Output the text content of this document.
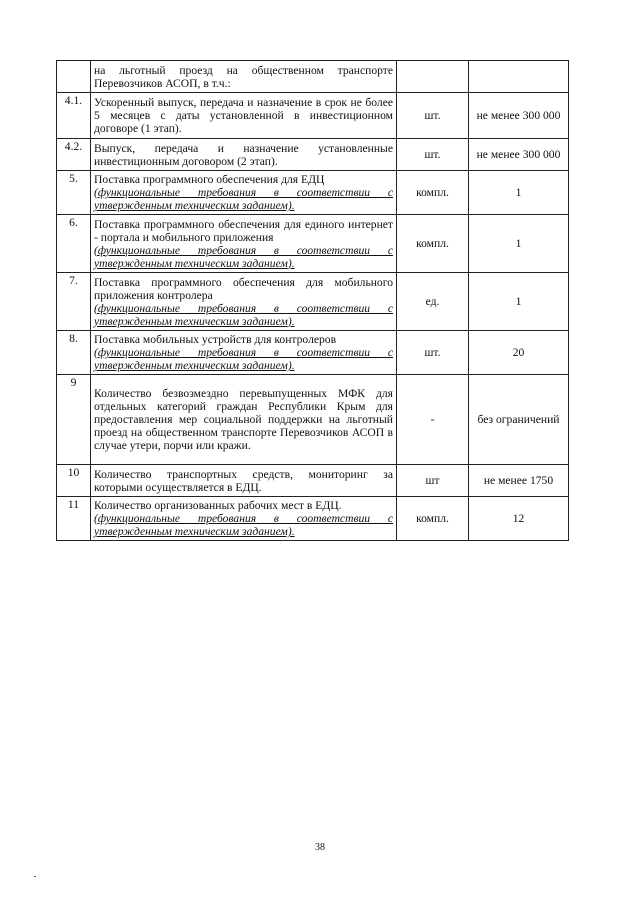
	на льготный проезд на общественном транспорте Перевозчиков АСОП, в т.ч.:		

4.1.	Ускоренный выпуск, передача и назначение в срок не более 5 месяцев с даты установленной в инвестиционном договоре (1 этап).	шт.	не менее 300 000
4.2.	Выпуск, передача и назначение установленные инвестиционным договором (2 этап).	шт.	не менее 300 000
5.	Поставка программного обеспечения для ЕДЦ
(функциональные требования в соответствии с утвержденным техническим заданием).	компл.	1
6.	Поставка программного обеспечения для единого интернет - портала и мобильного приложения
(функциональные требования в соответствии с утвержденным техническим заданием).	компл.	1
7.	Поставка программного обеспечения для мобильного приложения контролера
(функциональные требования в соответствии с утвержденным техническим заданием).	ед.	1
8.	Поставка мобильных устройств для контролеров
(функциональные требования в соответствии с утвержденным техническим заданием).	шт.	20
9	Количество безвозмездно перевыпущенных МФК для отдельных категорий граждан Республики Крым для предоставления мер социальной поддержки на льготный проезд на общественном транспорте Перевозчиков АСОП в случае утери, порчи или кражи.	-	без ограничений
10	Количество транспортных средств, мониторинг за которыми осуществляется в ЕДЦ.	шт	не менее 1750
11	Количество организованных рабочих мест в ЕДЦ.
(функциональные требования в соответствии с утвержденным техническим заданием).	компл.	12
38
